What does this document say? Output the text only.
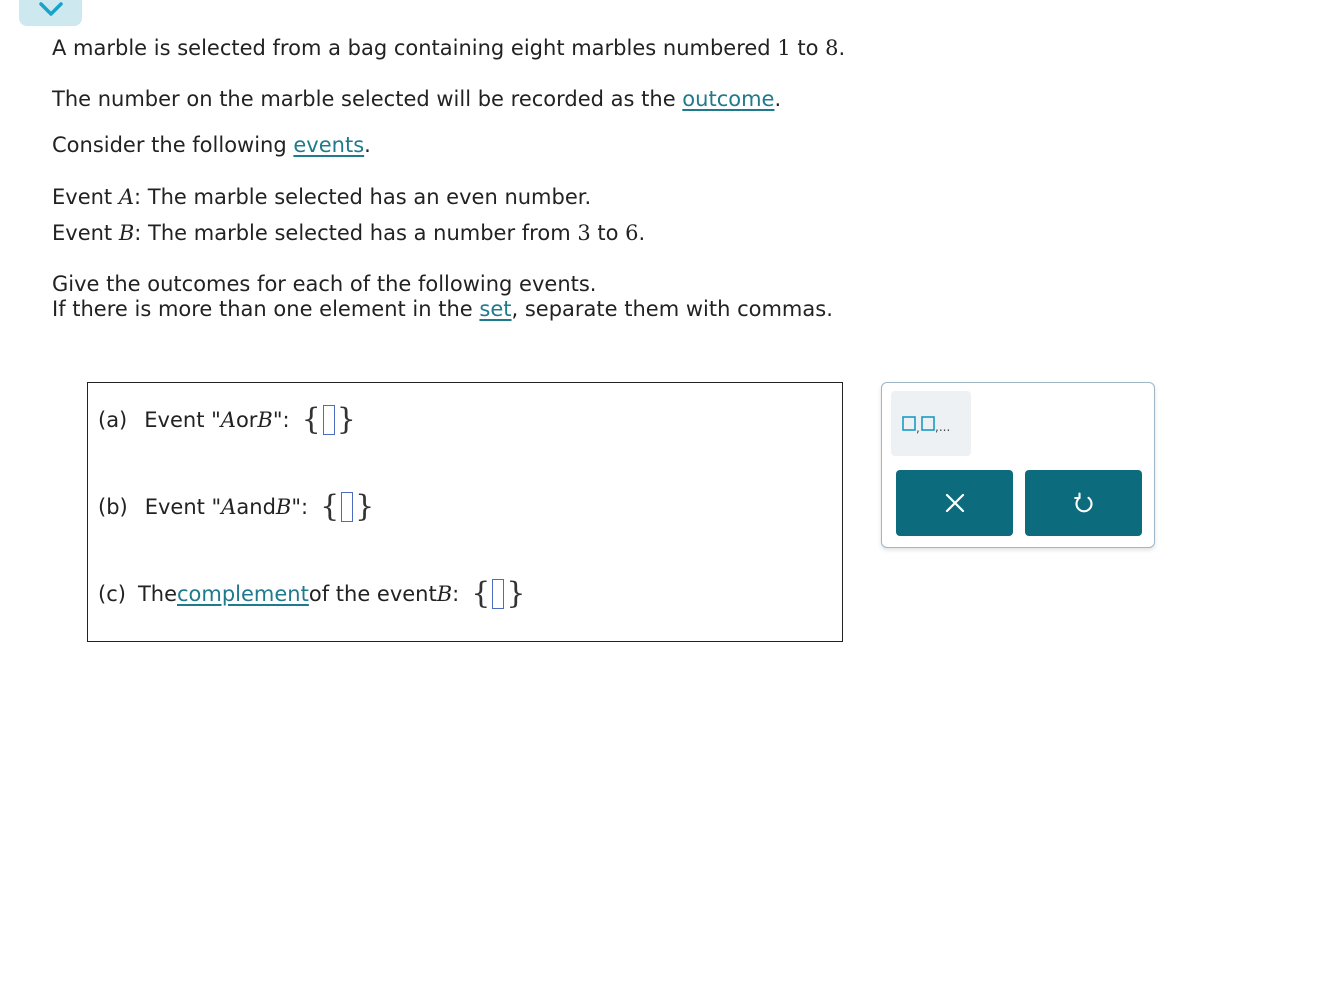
A marble is selected from a bag containing eight marbles numbered 1 to 8.
The number on the marble selected will be recorded as the outcome.
Consider the following events.
Event A: The marble selected has an even number.
Event B: The marble selected has a number from 3 to 6.
Give the outcomes for each of the following events.
If there is more than one element in the set, separate them with commas.
(a) Event " A or B ": { }
(b) Event " A and B ": { }
(c) The complement of the event B : { }
, ,...
